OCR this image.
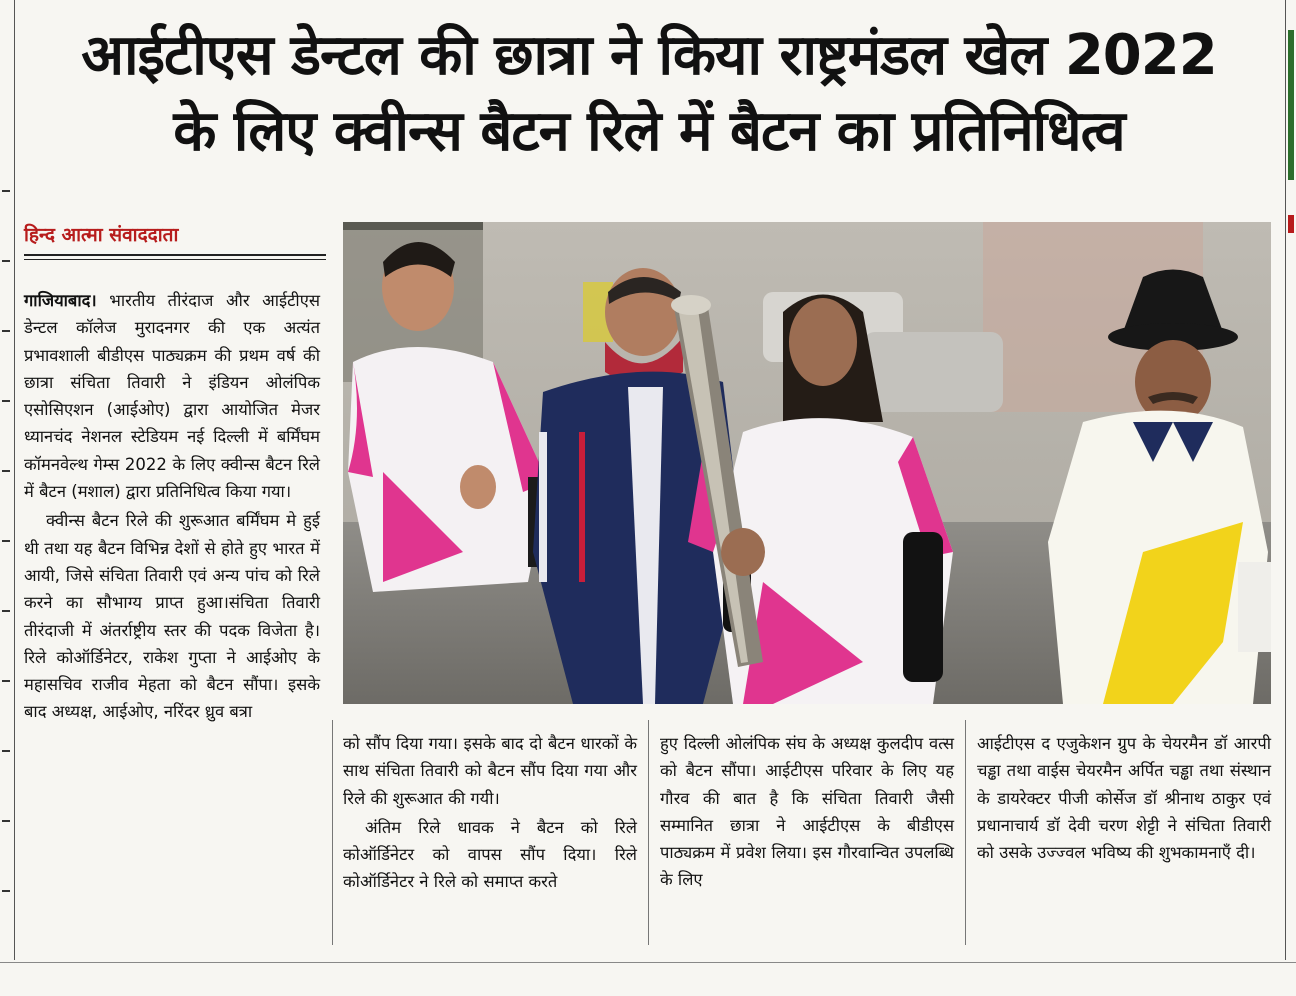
आईटीएस डेन्टल की छात्रा ने किया राष्ट्रमंडल खेल 2022
के लिए क्वीन्स बैटन रिले में बैटन का प्रतिनिधित्व
हिन्द आत्मा संवाददाता

गाजियाबाद। भारतीय तीरंदाज और आईटीएस डेन्टल कॉलेज मुरादनगर की एक अत्यंत प्रभावशाली बीडीएस पाठ्यक्रम की प्रथम वर्ष की छात्रा संचिता तिवारी ने इंडियन ओलंपिक एसोसिएशन (आईओए) द्वारा आयोजित मेजर ध्यानचंद नेशनल स्टेडियम नई दिल्ली में बर्मिंघम कॉमनवेल्थ गेम्स 2022 के लिए क्वीन्स बैटन रिले में बैटन (मशाल) द्वारा प्रतिनिधित्व किया गया।

क्वीन्स बैटन रिले की शुरूआत बर्मिंघम मे हुई थी तथा यह बैटन विभिन्न देशों से होते हुए भारत में आयी, जिसे संचिता तिवारी एवं अन्य पांच को रिले करने का सौभाग्य प्राप्त हुआ।संचिता तिवारी तीरंदाजी में अंतर्राष्ट्रीय स्तर की पदक विजेता है। रिले कोऑर्डिनेटर, राकेश गुप्ता ने आईओए के महासचिव राजीव मेहता को बैटन सौंपा। इसके बाद अध्यक्ष, आईओए, नरिंदर ध्रुव बत्रा

को सौंप दिया गया। इसके बाद दो बैटन धारकों के साथ संचिता तिवारी को बैटन सौंप दिया गया और रिले की शुरूआत की गयी।

अंतिम रिले धावक ने बैटन को रिले कोऑर्डिनेटर को वापस सौंप दिया। रिले कोऑर्डिनेटर ने रिले को समाप्त करते

हुए दिल्ली ओलंपिक संघ के अध्यक्ष कुलदीप वत्स को बैटन सौंपा। आईटीएस परिवार के लिए यह गौरव की बात है कि संचिता तिवारी जैसी सम्मानित छात्रा ने आईटीएस के बीडीएस पाठ्यक्रम में प्रवेश लिया। इस गौरवान्वित उपलब्धि के लिए

आईटीएस द एजुकेशन ग्रुप के चेयरमैन डॉ आरपी चड्ढा तथा वाईस चेयरमैन अर्पित चड्ढा तथा संस्थान के डायरेक्टर पीजी कोर्सेज डॉ श्रीनाथ ठाकुर एवं प्रधानाचार्य डॉ देवी चरण शेट्टी ने संचिता तिवारी को उसके उज्ज्वल भविष्य की शुभकामनाएँ दी।
